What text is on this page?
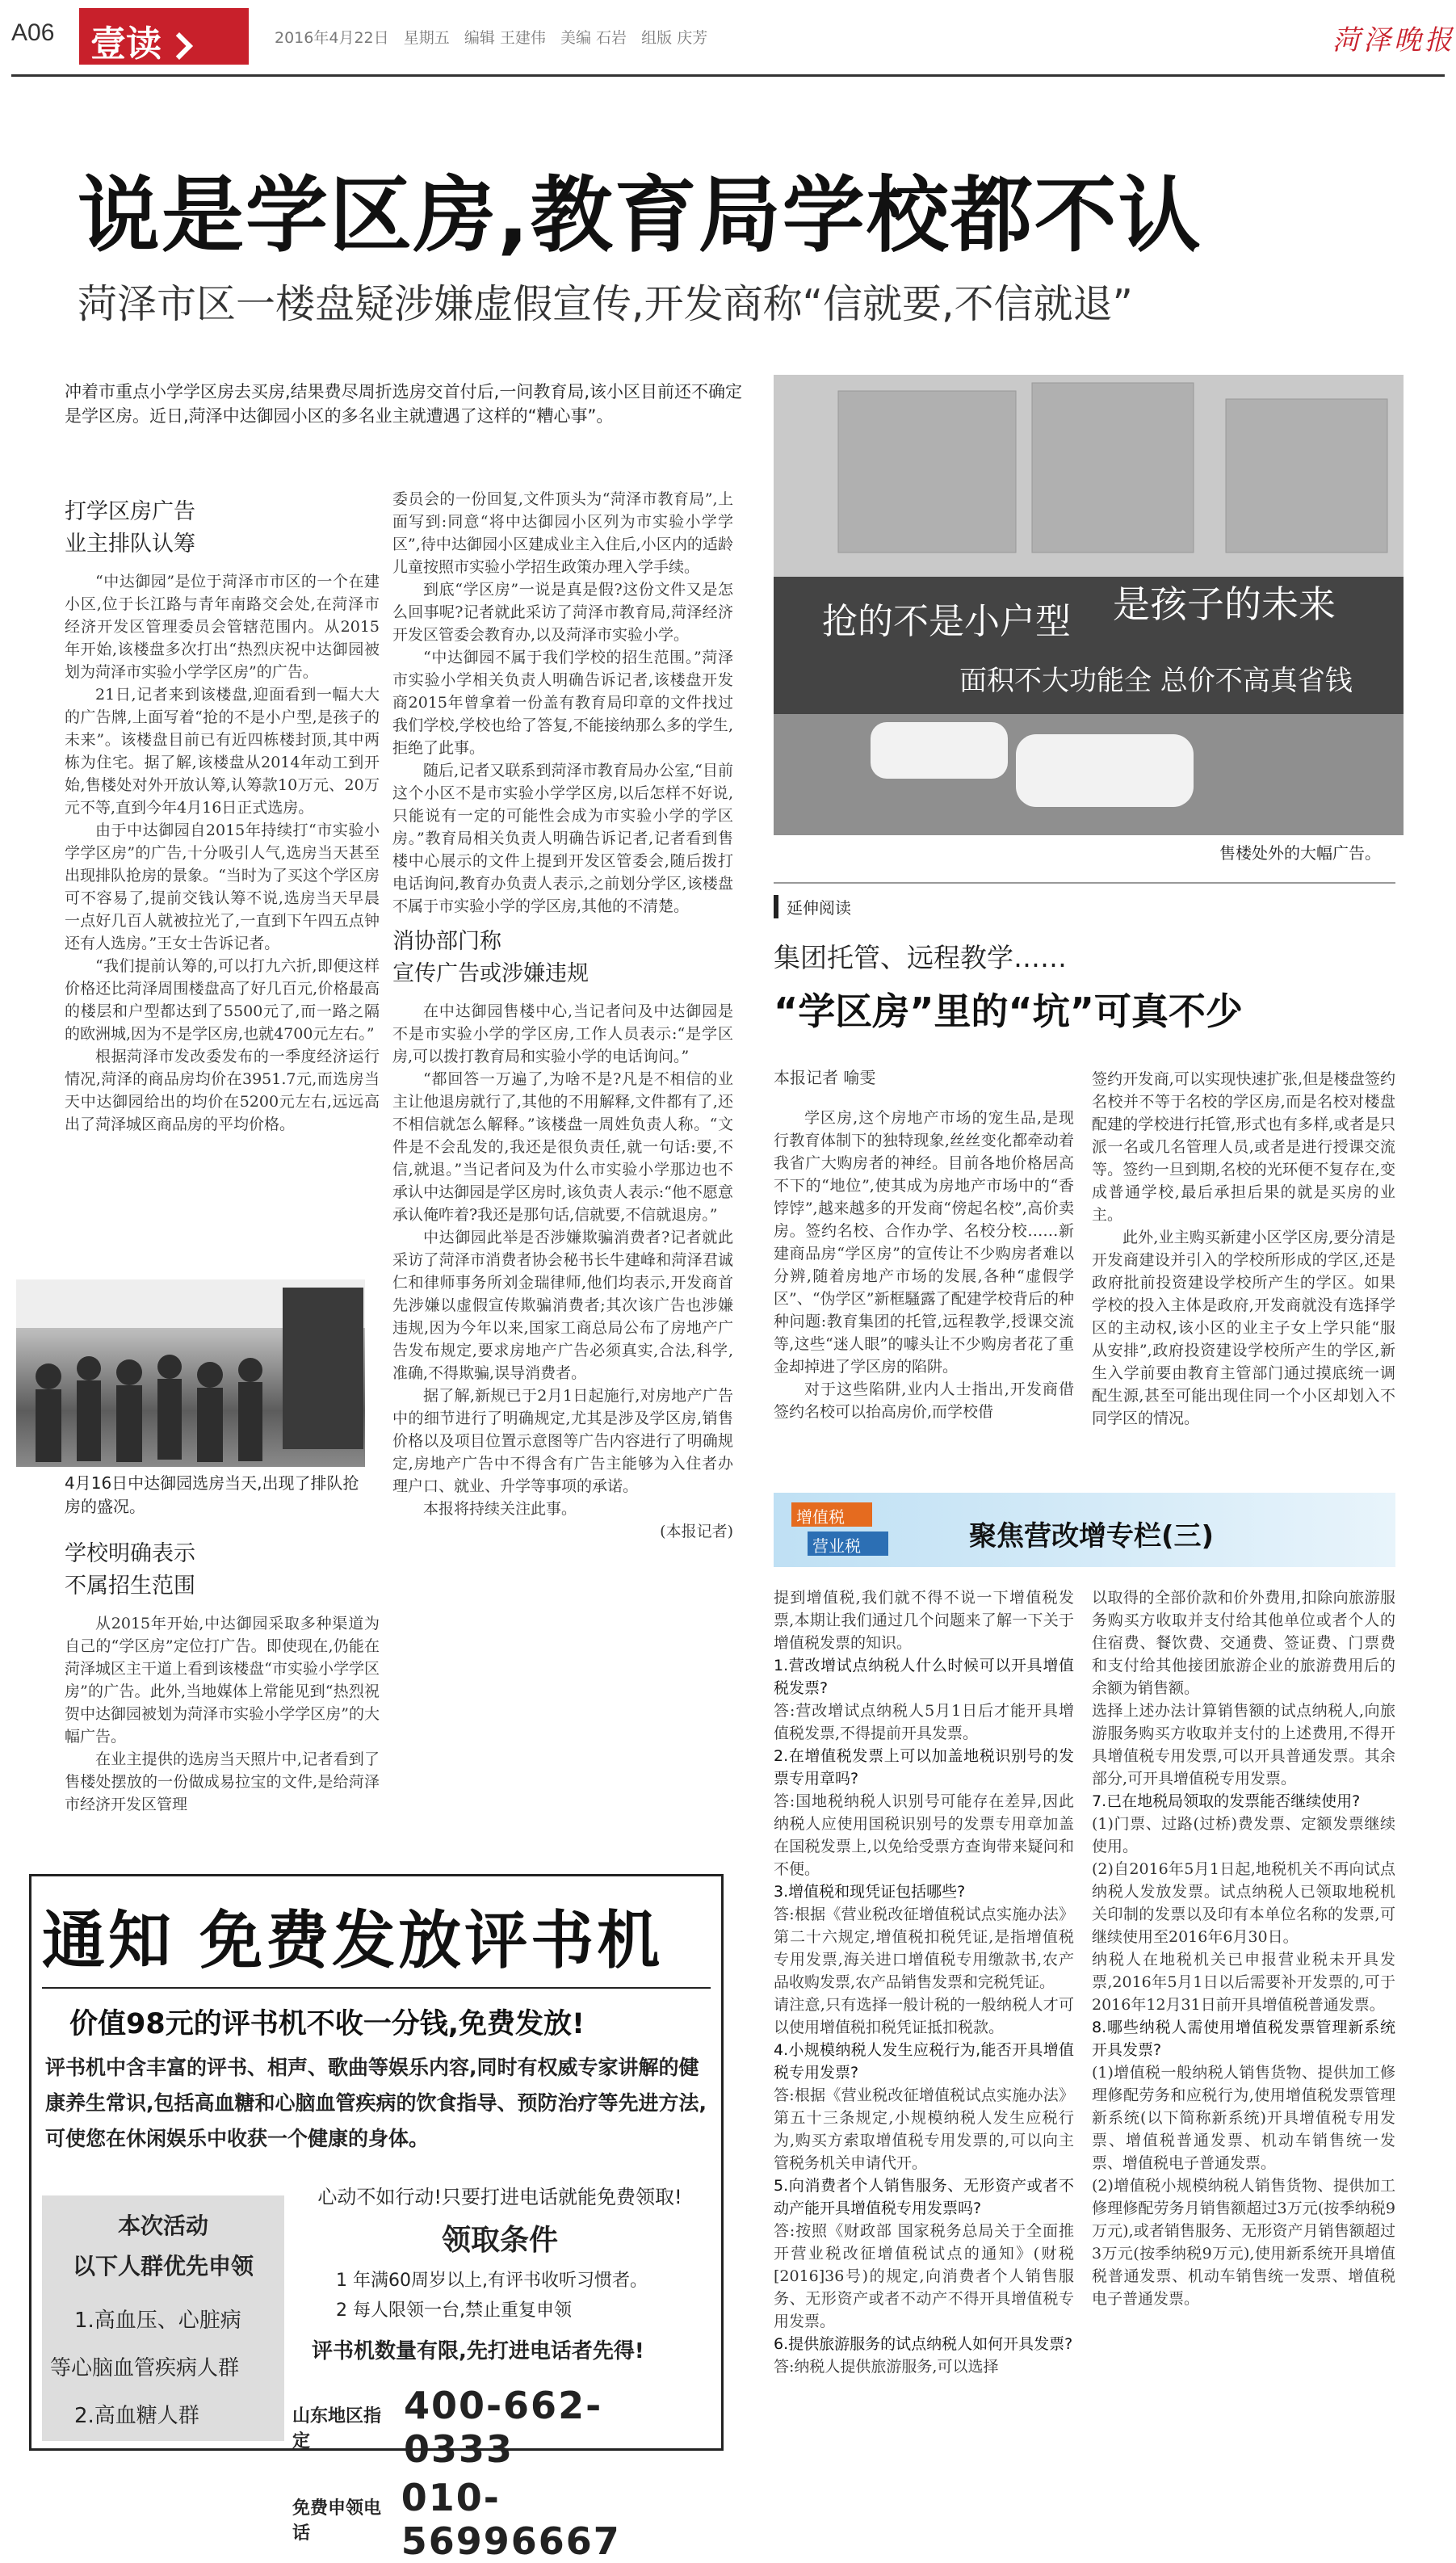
A06	壹读	2016年4月22日   星期五   编辑 王建伟   美编 石岩   组版 庆芳	菏泽晚报
说是学区房,教育局学校都不认
菏泽市区一楼盘疑涉嫌虚假宣传,开发商称“信就要,不信就退”
冲着市重点小学学区房去买房,结果费尽周折选房交首付后,一问教育局,该小区目前还不确定是学区房。近日,菏泽中达御园小区的多名业主就遭遇了这样的“糟心事”。
打学区房广告
业主排队认筹

“中达御园”是位于菏泽市市区的一个在建小区,位于长江路与青年南路交会处,在菏泽市经济开发区管理委员会管辖范围内。从2015年开始,该楼盘多次打出“热烈庆祝中达御园被划为菏泽市实验小学学区房”的广告。

21日,记者来到该楼盘,迎面看到一幅大大的广告牌,上面写着“抢的不是小户型,是孩子的未来”。该楼盘目前已有近四栋楼封顶,其中两栋为住宅。据了解,该楼盘从2014年动工到开始,售楼处对外开放认筹,认筹款10万元、20万元不等,直到今年4月16日正式选房。

由于中达御园自2015年持续打“市实验小学学区房”的广告,十分吸引人气,选房当天甚至出现排队抢房的景象。“当时为了买这个学区房可不容易了,提前交钱认筹不说,选房当天早晨一点好几百人就被拉光了,一直到下午四五点钟还有人选房。”王女士告诉记者。

“我们提前认筹的,可以打九六折,即便这样价格还比菏泽周围楼盘高了好几百元,价格最高的楼层和户型都达到了5500元了,而一路之隔的欧洲城,因为不是学区房,也就4700元左右。”

根据菏泽市发改委发布的一季度经济运行情况,菏泽的商品房均价在3951.7元,而选房当天中达御园给出的均价在5200元左右,远远高出了菏泽城区商品房的平均价格。

4月16日中达御园选房当天,出现了排队抢房的盛况。
学校明确表示
不属招生范围

从2015年开始,中达御园采取多种渠道为自己的“学区房”定位打广告。即使现在,仍能在菏泽城区主干道上看到该楼盘“市实验小学学区房”的广告。此外,当地媒体上常能见到“热烈祝贺中达御园被划为菏泽市实验小学学区房”的大幅广告。

在业主提供的选房当天照片中,记者看到了售楼处摆放的一份做成易拉宝的文件,是给菏泽市经济开发区管理

委员会的一份回复,文件顶头为“菏泽市教育局”,上面写到:同意“将中达御园小区列为市实验小学学区”,待中达御园小区建成业主入住后,小区内的适龄儿童按照市实验小学招生政策办理入学手续。

到底“学区房”一说是真是假?这份文件又是怎么回事呢?记者就此采访了菏泽市教育局,菏泽经济开发区管委会教育办,以及菏泽市实验小学。

“中达御园不属于我们学校的招生范围。”菏泽市实验小学相关负责人明确告诉记者,该楼盘开发商2015年曾拿着一份盖有教育局印章的文件找过我们学校,学校也给了答复,不能接纳那么多的学生,拒绝了此事。

随后,记者又联系到菏泽市教育局办公室,“目前这个小区不是市实验小学学区房,以后怎样不好说,只能说有一定的可能性会成为市实验小学的学区房。”教育局相关负责人明确告诉记者,记者看到售楼中心展示的文件上提到开发区管委会,随后拨打电话询问,教育办负责人表示,之前划分学区,该楼盘不属于市实验小学的学区房,其他的不清楚。

消协部门称
宣传广告或涉嫌违规

在中达御园售楼中心,当记者问及中达御园是不是市实验小学的学区房,工作人员表示:“是学区房,可以拨打教育局和实验小学的电话询问。”

“都回答一万遍了,为啥不是?凡是不相信的业主让他退房就行了,其他的不用解释,文件都有了,还不相信就怎么解释。”该楼盘一周姓负责人称。“文件是不会乱发的,我还是很负责任,就一句话:要,不信,就退。”当记者问及为什么市实验小学那边也不承认中达御园是学区房时,该负责人表示:“他不愿意承认俺咋着?我还是那句话,信就要,不信就退房。”

中达御园此举是否涉嫌欺骗消费者?记者就此采访了菏泽市消费者协会秘书长牛建峰和菏泽君诚仁和律师事务所刘金瑞律师,他们均表示,开发商首先涉嫌以虚假宣传欺骗消费者;其次该广告也涉嫌违规,因为今年以来,国家工商总局公布了房地产广告发布规定,要求房地产广告必须真实,合法,科学,准确,不得欺骗,误导消费者。

据了解,新规已于2月1日起施行,对房地产广告中的细节进行了明确规定,尤其是涉及学区房,销售价格以及项目位置示意图等广告内容进行了明确规定,房地产广告中不得含有广告主能够为入住者办理户口、就业、升学等事项的承诺。

本报将持续关注此事。

(本报记者)

抢的不是小户型 是孩子的未来
面积不大功能全 总价不高真省钱
售楼处外的大幅广告。
延伸阅读
集团托管、远程教学……
“学区房”里的“坑”可真不少
本报记者 喻雯

学区房,这个房地产市场的宠生品,是现行教育体制下的独特现象,丝丝变化都牵动着我省广大购房者的神经。目前各地价格居高不下的“地位”,使其成为房地产市场中的“香饽饽”,越来越多的开发商“傍起名校”,高价卖房。签约名校、合作办学、名校分校……新建商品房“学区房”的宣传让不少购房者难以分辨,随着房地产市场的发展,各种“虚假学区”、“伪学区”新框騷露了配建学校背后的种种问题:教育集团的托管,远程教学,授课交流等,这些“迷人眼”的噱头让不少购房者花了重金却掉进了学区房的陷阱。

对于这些陷阱,业内人士指出,开发商借签约名校可以抬高房价,而学校借

签约开发商,可以实现快速扩张,但是楼盘签约名校并不等于名校的学区房,而是名校对楼盘配建的学校进行托管,形式也有多样,或者是只派一名或几名管理人员,或者是进行授课交流等。签约一旦到期,名校的光环便不复存在,变成普通学校,最后承担后果的就是买房的业主。

此外,业主购买新建小区学区房,要分清是开发商建设并引入的学校所形成的学区,还是政府批前投资建设学校所产生的学区。如果学校的投入主体是政府,开发商就没有选择学区的主动权,该小区的业主子女上学只能“服从安排”,政府投资建设学校所产生的学区,新生入学前要由教育主管部门通过摸底统一调配生源,甚至可能出现住同一个小区却划入不同学区的情况。

增值税
营业税	聚焦营改增专栏(三)

提到增值税,我们就不得不说一下增值税发票,本期让我们通过几个问题来了解一下关于增值税发票的知识。

1.营改增试点纳税人什么时候可以开具增值税发票?

答:营改增试点纳税人5月1日后才能开具增值税发票,不得提前开具发票。

2.在增值税发票上可以加盖地税识别号的发票专用章吗?

答:国地税纳税人识别号可能存在差异,因此纳税人应使用国税识别号的发票专用章加盖在国税发票上,以免给受票方查询带来疑问和不便。

3.增值税和现凭证包括哪些?

答:根据《营业税改征增值税试点实施办法》第二十六规定,增值税扣税凭证,是指增值税专用发票,海关进口增值税专用缴款书,农产品收购发票,农产品销售发票和完税凭证。

请注意,只有选择一般计税的一般纳税人才可以使用增值税扣税凭证抵扣税款。

4.小规模纳税人发生应税行为,能否开具增值税专用发票?

答:根据《营业税改征增值税试点实施办法》第五十三条规定,小规模纳税人发生应税行为,购买方索取增值税专用发票的,可以向主管税务机关申请代开。

5.向消费者个人销售服务、无形资产或者不动产能开具增值税专用发票吗?

答:按照《财政部 国家税务总局关于全面推开营业税改征增值税试点的通知》(财税[2016]36号)的规定,向消费者个人销售服务、无形资产或者不动产不得开具增值税专用发票。

6.提供旅游服务的试点纳税人如何开具发票?

答:纳税人提供旅游服务,可以选择

以取得的全部价款和价外费用,扣除向旅游服务购买方收取并支付给其他单位或者个人的住宿费、餐饮费、交通费、签证费、门票费和支付给其他接团旅游企业的旅游费用后的余额为销售额。

选择上述办法计算销售额的试点纳税人,向旅游服务购买方收取并支付的上述费用,不得开具增值税专用发票,可以开具普通发票。其余部分,可开具增值税专用发票。

7.已在地税局领取的发票能否继续使用?

(1)门票、过路(过桥)费发票、定额发票继续使用。

(2)自2016年5月1日起,地税机关不再向试点纳税人发放发票。试点纳税人已领取地税机关印制的发票以及印有本单位名称的发票,可继续使用至2016年6月30日。

纳税人在地税机关已申报营业税未开具发票,2016年5月1日以后需要补开发票的,可于2016年12月31日前开具增值税普通发票。

8.哪些纳税人需使用增值税发票管理新系统开具发票?

(1)增值税一般纳税人销售货物、提供加工修理修配劳务和应税行为,使用增值税发票管理新系统(以下简称新系统)开具增值税专用发票、增值税普通发票、机动车销售统一发票、增值税电子普通发票。

(2)增值税小规模纳税人销售货物、提供加工修理修配劳务月销售额超过3万元(按季纳税9万元),或者销售服务、无形资产月销售额超过3万元(按季纳税9万元),使用新系统开具增值税普通发票、机动车销售统一发票、增值税电子普通发票。

通知 免费发放评书机
价值98元的评书机不收一分钱,免费发放!
评书机中含丰富的评书、相声、歌曲等娱乐内容,同时有权威专家讲解的健康养生常识,包括高血糖和心脑血管疾病的饮食指导、预防治疗等先进方法,可使您在休闲娱乐中收获一个健康的身体。
本次活动
以下人群优先申领
1.高血压、心脏病
等心脑血管疾病人群
2.高血糖人群
心动不如行动!只要打进电话就能免费领取!
领取条件
1 年满60周岁以上,有评书收听习惯者。
2 每人限领一台,禁止重复申领
评书机数量有限,先打进电话者先得!
山东地区指定
400-662-0333
免费申领电话
010-56996667
